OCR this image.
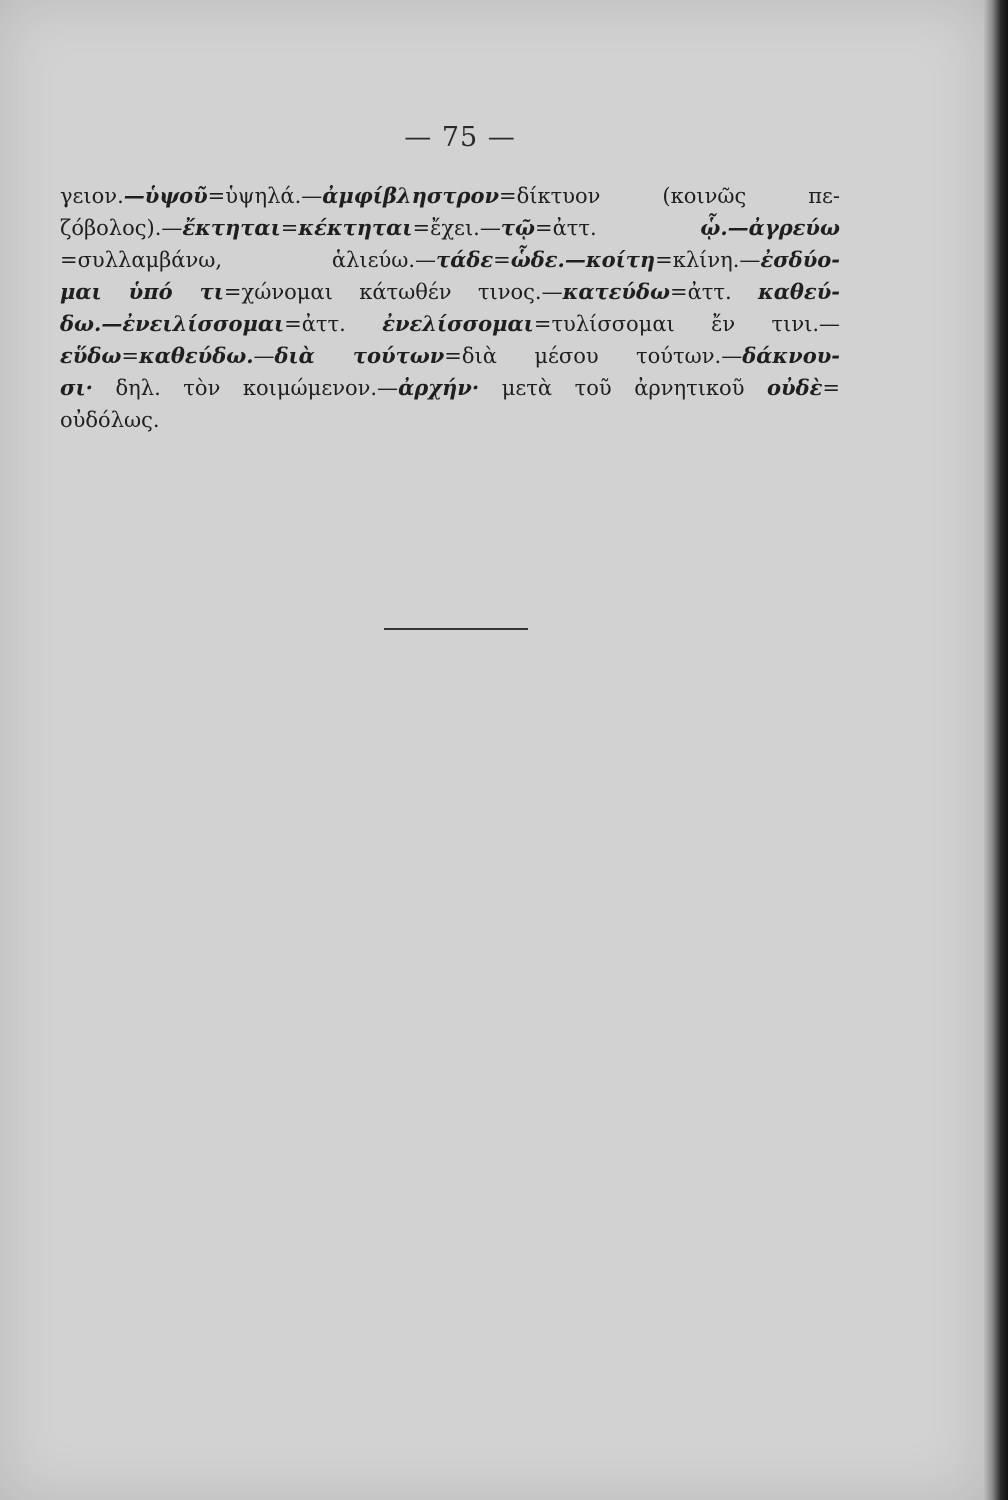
— 75 —
γειον.—ὑψοῦ=ὑψηλά.—ἀμφίβληστρον=δίκτυον (κοινῶς πε-
ζόβολος).—ἔκτηται=κέκτηται=ἔχει.—τῷ=ἀττ. ᾧ.—ἀγρεύω
=συλλαμβάνω, ἁλιεύω.—τάδε=ὧδε.—κοίτη=κλίνη.—ἐσδύο-
μαι ὑπό τι=χώνομαι κάτωθέν τινος.—κατεύδω=ἀττ. καθεύ-
δω.—ἐνειλίσσομαι=ἀττ. ἐνελίσσομαι=τυλίσσομαι ἔν τινι.—
εὕδω=καθεύδω.—διὰ τούτων=διὰ μέσου τούτων.—δάκνου-
σι· δηλ. τὸν κοιμώμενον.—ἀρχήν· μετὰ τοῦ ἀρνητικοῦ οὐδὲ=
οὐδόλως.
